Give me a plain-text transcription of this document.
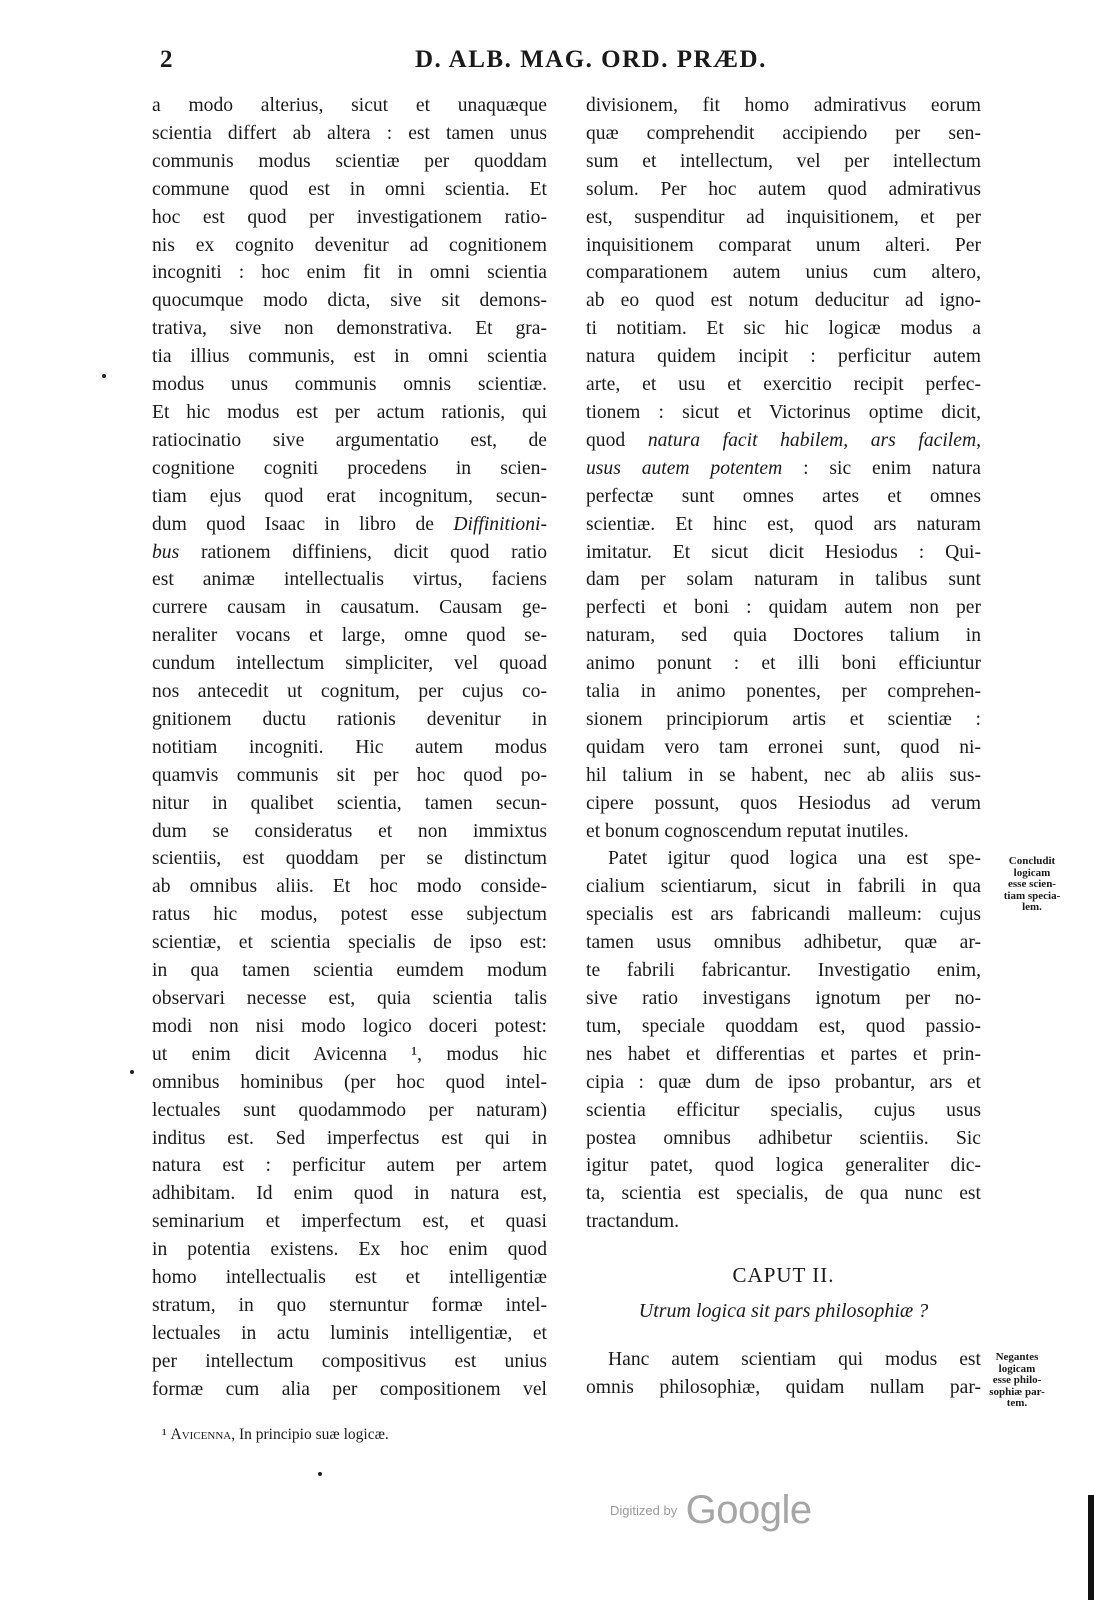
2	D. ALB. MAG. ORD. PRÆD.
a modo alterius, sicut et unaquæque
scientia differt ab altera : est tamen unus
communis modus scientiæ per quoddam
commune quod est in omni scientia. Et
hoc est quod per investigationem ratio-
nis ex cognito devenitur ad cognitionem
incogniti : hoc enim fit in omni scientia
quocumque modo dicta, sive sit demons-
trativa, sive non demonstrativa. Et gra-
tia illius communis, est in omni scientia
modus unus communis omnis scientiæ.
Et hic modus est per actum rationis, qui
ratiocinatio sive argumentatio est, de
cognitione cogniti procedens in scien-
tiam ejus quod erat incognitum, secun-
dum quod Isaac in libro de Diffinitioni-
bus rationem diffiniens, dicit quod ratio
est animæ intellectualis virtus, faciens
currere causam in causatum. Causam ge-
neraliter vocans et large, omne quod se-
cundum intellectum simpliciter, vel quoad
nos antecedit ut cognitum, per cujus co-
gnitionem ductu rationis devenitur in
notitiam incogniti. Hic autem modus
quamvis communis sit per hoc quod po-
nitur in qualibet scientia, tamen secun-
dum se consideratus et non immixtus
scientiis, est quoddam per se distinctum
ab omnibus aliis. Et hoc modo conside-
ratus hic modus, potest esse subjectum
scientiæ, et scientia specialis de ipso est:
in qua tamen scientia eumdem modum
observari necesse est, quia scientia talis
modi non nisi modo logico doceri potest:
ut enim dicit Avicenna ¹, modus hic
omnibus hominibus (per hoc quod intel-
lectuales sunt quodammodo per naturam)
inditus est. Sed imperfectus est qui in
natura est : perficitur autem per artem
adhibitam. Id enim quod in natura est,
seminarium et imperfectum est, et quasi
in potentia existens. Ex hoc enim quod
homo intellectualis est et intelligentiæ
stratum, in quo sternuntur formæ intel-
lectuales in actu luminis intelligentiæ, et
per intellectum compositivus est unius
formæ cum alia per compositionem vel
divisionem, fit homo admirativus eorum
quæ comprehendit accipiendo per sen-
sum et intellectum, vel per intellectum
solum. Per hoc autem quod admirativus
est, suspenditur ad inquisitionem, et per
inquisitionem comparat unum alteri. Per
comparationem autem unius cum altero,
ab eo quod est notum deducitur ad igno-
ti notitiam. Et sic hic logicæ modus a
natura quidem incipit : perficitur autem
arte, et usu et exercitio recipit perfec-
tionem : sicut et Victorinus optime dicit,
quod natura facit habilem, ars facilem,
usus autem potentem : sic enim natura
perfectæ sunt omnes artes et omnes
scientiæ. Et hinc est, quod ars naturam
imitatur. Et sicut dicit Hesiodus : Qui-
dam per solam naturam in talibus sunt
perfecti et boni : quidam autem non per
naturam, sed quia Doctores talium in
animo ponunt : et illi boni efficiuntur
talia in animo ponentes, per comprehen-
sionem principiorum artis et scientiæ :
quidam vero tam erronei sunt, quod ni-
hil talium in se habent, nec ab aliis sus-
cipere possunt, quos Hesiodus ad verum
et bonum cognoscendum reputat inutiles.
Patet igitur quod logica una est spe-
cialium scientiarum, sicut in fabrili in qua
specialis est ars fabricandi malleum: cujus
tamen usus omnibus adhibetur, quæ ar-
te fabrili fabricantur. Investigatio enim,
sive ratio investigans ignotum per no-
tum, speciale quoddam est, quod passio-
nes habet et differentias et partes et prin-
cipia : quæ dum de ipso probantur, ars et
scientia efficitur specialis, cujus usus
postea omnibus adhibetur scientiis. Sic
igitur patet, quod logica generaliter dic-
ta, scientia est specialis, de qua nunc est
tractandum.
CAPUT II.
Utrum logica sit pars philosophiæ ?
Hanc autem scientiam qui modus est
omnis philosophiæ, quidam nullam par-
Concludit
logicam
esse scien-
tiam specia-
lem.
Negantes
logicam
esse philo-
sophiæ par-
tem.
¹ Avicenna, In principio suæ logicæ.
Digitized by Google
